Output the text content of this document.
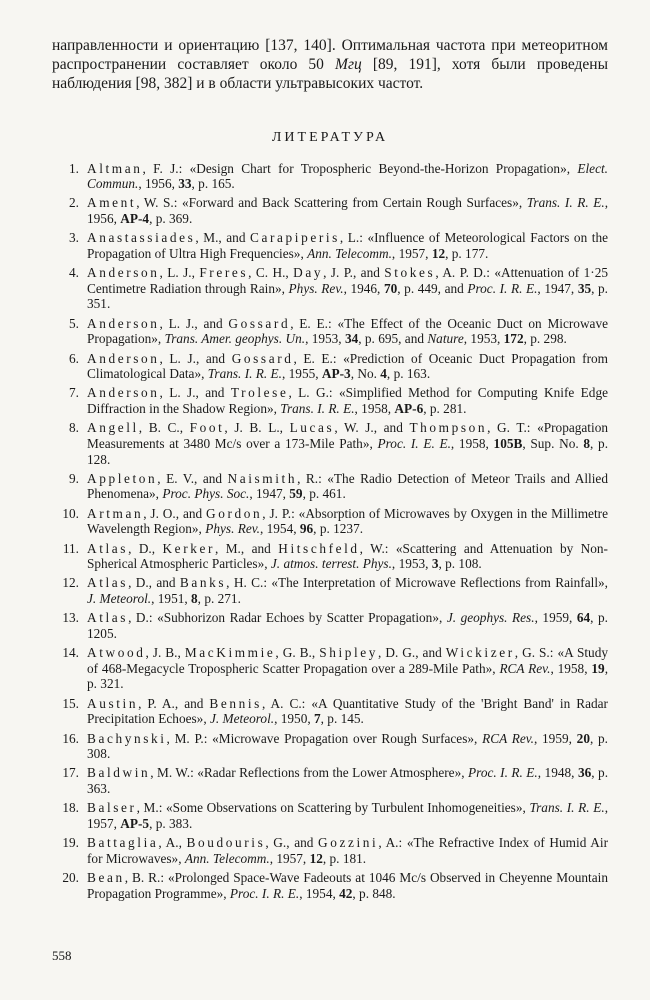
направленности и ориентацию [137, 140]. Оптимальная частота при метеоритном распространении составляет около 50 Мгц [89, 191], хотя были проведены наблюдения [98, 382] и в области ультравысоких частот.

ЛИТЕРАТУРА
1. Altman, F. J.: «Design Chart for Tropospheric Beyond-the-Horizon Propagation», Elect. Commun., 1956, 33, p. 165.
2. Ament, W. S.: «Forward and Back Scattering from Certain Rough Surfaces», Trans. I. R. E., 1956, AP-4, p. 369.
3. Anastassiades, M., and Carapiperis, L.: «Influence of Meteorological Factors on the Propagation of Ultra High Frequencies», Ann. Telecomm., 1957, 12, p. 177.
4. Anderson, L. J., Freres, C. H., Day, J. P., and Stokes, A. P. D.: «Attenuation of 1·25 Centimetre Radiation through Rain», Phys. Rev., 1946, 70, p. 449, and Proc. I. R. E., 1947, 35, p. 351.
5. Anderson, L. J., and Gossard, E. E.: «The Effect of the Oceanic Duct on Microwave Propagation», Trans. Amer. geophys. Un., 1953, 34, p. 695, and Nature, 1953, 172, p. 298.
6. Anderson, L. J., and Gossard, E. E.: «Prediction of Oceanic Duct Propagation from Climatological Data», Trans. I. R. E., 1955, AP-3, No. 4, p. 163.
7. Anderson, L. J., and Trolese, L. G.: «Simplified Method for Computing Knife Edge Diffraction in the Shadow Region», Trans. I. R. E., 1958, AP-6, p. 281.
8. Angell, B. C., Foot, J. B. L., Lucas, W. J., and Thompson, G. T.: «Propagation Measurements at 3480 Mc/s over a 173-Mile Path», Proc. I. E. E., 1958, 105B, Sup. No. 8, p. 128.
9. Appleton, E. V., and Naismith, R.: «The Radio Detection of Meteor Trails and Allied Phenomena», Proc. Phys. Soc., 1947, 59, p. 461.
10. Artman, J. O., and Gordon, J. P.: «Absorption of Microwaves by Oxygen in the Millimetre Wavelength Region», Phys. Rev., 1954, 96, p. 1237.
11. Atlas, D., Kerker, M., and Hitschfeld, W.: «Scattering and Attenuation by Non-Spherical Atmospheric Particles», J. atmos. terrest. Phys., 1953, 3, p. 108.
12. Atlas, D., and Banks, H. C.: «The Interpretation of Microwave Reflections from Rainfall», J. Meteorol., 1951, 8, p. 271.
13. Atlas, D.: «Subhorizon Radar Echoes by Scatter Propagation», J. geophys. Res., 1959, 64, p. 1205.
14. Atwood, J. B., MacKimmie, G. B., Shipley, D. G., and Wickizer, G. S.: «A Study of 468-Megacycle Tropospheric Scatter Propagation over a 289-Mile Path», RCA Rev., 1958, 19, p. 321.
15. Austin, P. A., and Bennis, A. C.: «A Quantitative Study of the 'Bright Band' in Radar Precipitation Echoes», J. Meteorol., 1950, 7, p. 145.
16. Bachynski, M. P.: «Microwave Propagation over Rough Surfaces», RCA Rev., 1959, 20, p. 308.
17. Baldwin, M. W.: «Radar Reflections from the Lower Atmosphere», Proc. I. R. E., 1948, 36, p. 363.
18. Balser, M.: «Some Observations on Scattering by Turbulent Inhomogeneities», Trans. I. R. E., 1957, AP-5, p. 383.
19. Battaglia, A., Boudouris, G., and Gozzini, A.: «The Refractive Index of Humid Air for Microwaves», Ann. Telecomm., 1957, 12, p. 181.
20. Bean, B. R.: «Prolonged Space-Wave Fadeouts at 1046 Mc/s Observed in Cheyenne Mountain Propagation Programme», Proc. I. R. E., 1954, 42, p. 848.
558
